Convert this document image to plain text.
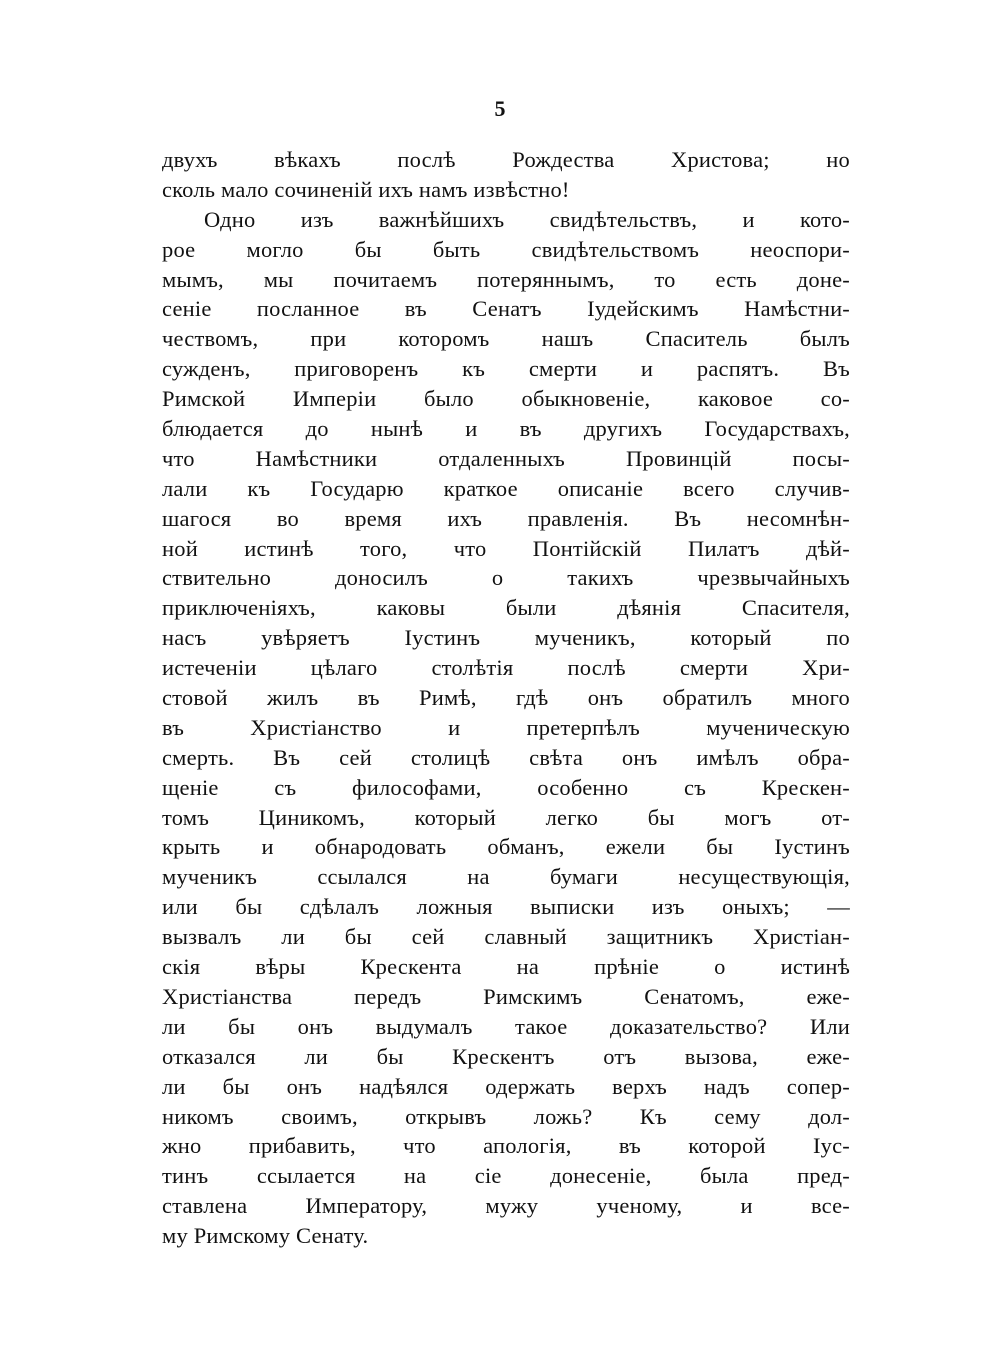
5
двухъ вѣкахъ послѣ Рождества Христова; но
сколь мало сочиненій ихъ намъ извѣстно!
Одно изъ важнѣйшихъ свидѣтельствъ, и кото-
рое могло бы быть свидѣтельствомъ неоспори-
мымъ, мы почитаемъ потеряннымъ, то есть доне-
сеніе посланное въ Сенатъ Іудейскимъ Намѣстни-
чествомъ, при которомъ нашъ Спаситель былъ
сужденъ, приговоренъ къ смерти и распятъ. Въ
Римской Имперіи было обыкновеніе, каковое со-
блюдается до нынѣ и въ другихъ Государствахъ,
что Намѣстники отдаленныхъ Провинцій посы-
лали къ Государю краткое описаніе всего случив-
шагося во время ихъ правленія. Въ несомнѣн-
ной истинѣ того, что Понтійскій Пилатъ дѣй-
ствительно доносилъ о такихъ чрезвычайныхъ
приключеніяхъ, каковы были дѣянія Спасителя,
насъ увѣряетъ Іустинъ мученикъ, который по
истеченіи цѣлаго столѣтія послѣ смерти Хри-
стовой жилъ въ Римѣ, гдѣ онъ обратилъ много
въ Христіанство и претерпѣлъ мученическую
смерть. Въ сей столицѣ свѣта онъ имѣлъ обра-
щеніе съ философами, особенно съ Крескен-
томъ Циникомъ, который легко бы могъ от-
крыть и обнародовать обманъ, ежели бы Іустинъ
мученикъ ссылался на бумаги несуществующія,
или бы сдѣлалъ ложныя выписки изъ оныхъ; —
вызвалъ ли бы сей славный защитникъ Христіан-
скія вѣры Крескента на прѣніе о истинѣ
Христіанства передъ Римскимъ Сенатомъ, еже-
ли бы онъ выдумалъ такое доказательство? Или
отказался ли бы Крескентъ отъ вызова, еже-
ли бы онъ надѣялся одержать верхъ надъ сопер-
никомъ своимъ, открывъ ложь? Къ сему дол-
жно прибавить, что апологія, въ которой Іус-
тинъ ссылается на сіе донесеніе, была пред-
ставлена Императору, мужу ученому, и все-
му Римскому Сенату.
